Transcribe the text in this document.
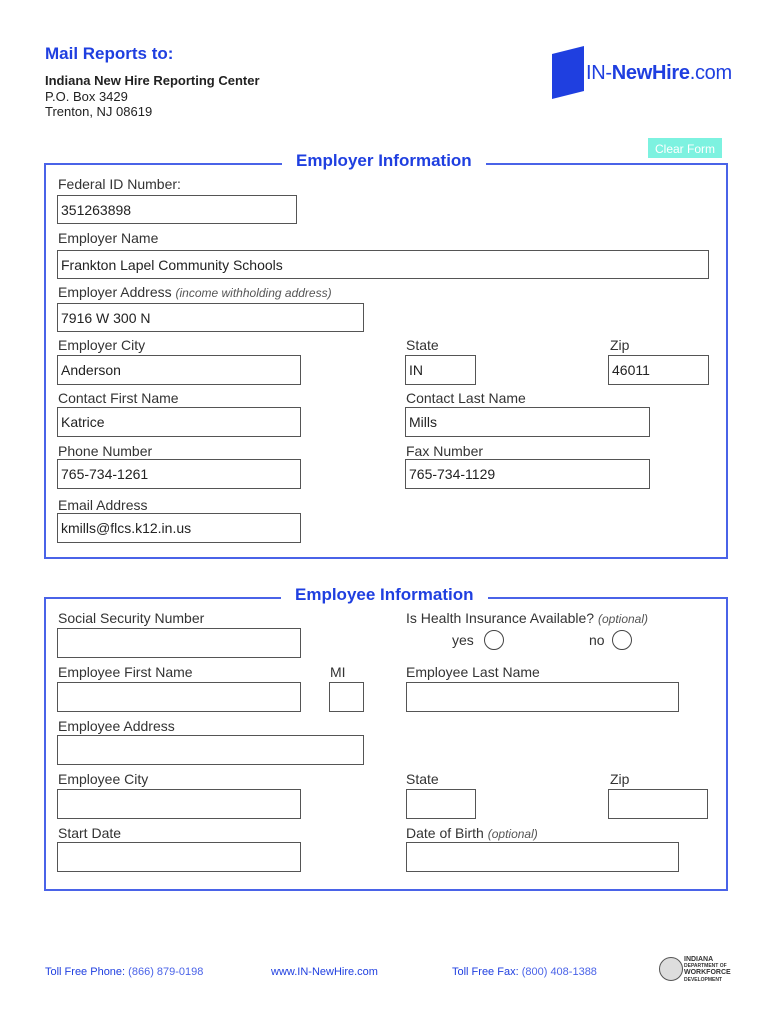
Mail Reports to:
Indiana New Hire Reporting Center
P.O. Box 3429
Trenton, NJ 08619
IN-NewHire.com
Clear Form
Employer Information
Federal ID Number:
351263898
Employer Name
Frankton Lapel Community Schools
Employer Address (income withholding address)
7916 W 300 N
Employer City	State	Zip
Anderson	IN	46011
Contact First Name	Contact Last Name
Katrice	Mills
Phone Number	Fax Number
765-734-1261	765-734-1129
Email Address
kmills@flcs.k12.in.us
Employee Information
Social Security Number	Is Health Insurance Available? (optional)
yes	no
Employee First Name	MI	Employee Last Name
Employee Address
Employee City	State	Zip
Start Date	Date of Birth (optional)
Toll Free Phone: (866) 879-0198	www.IN-NewHire.com	Toll Free Fax: (800) 408-1388
INDIANA
DEPARTMENT OF
WORKFORCE
DEVELOPMENT
